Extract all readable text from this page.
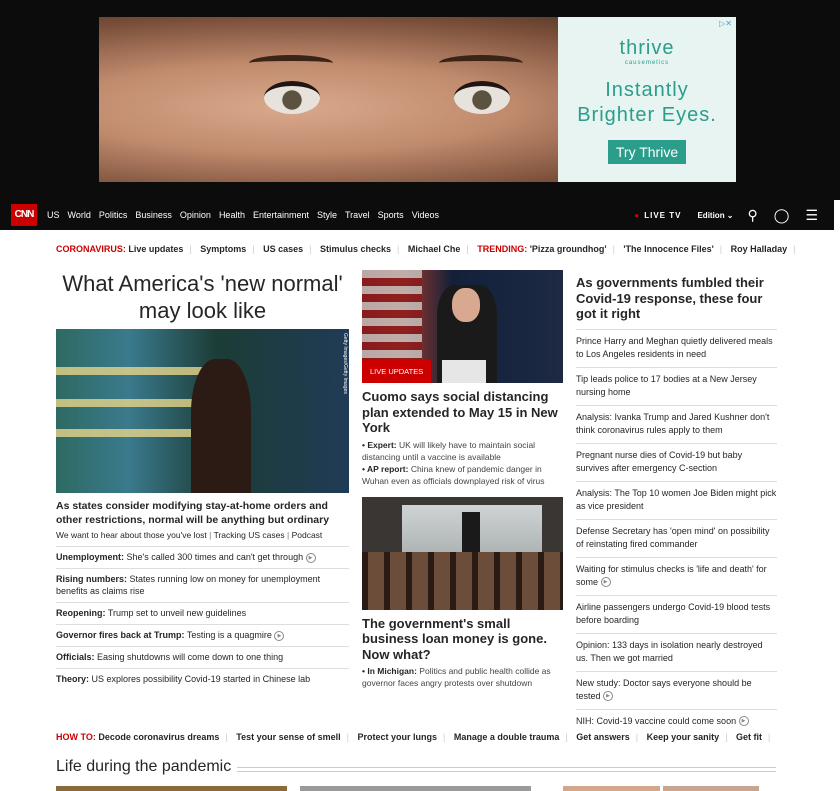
▷✕
thrive
causemetics
Instantly
Brighter Eyes.
Try Thrive
CNN	US World Politics Business Opinion Health Entertainment Style Travel Sports Videos	● LIVE TV Edition ⌄ ⚲ ◯ ☰
CORONAVIRUS: Live updates | Symptoms | US cases | Stimulus checks | Michael Che | TRENDING: 'Pizza groundhog' | 'The Innocence Files' | Roy Halladay |
What America's 'new normal' may look like
Getty Images/Getty Images
As states consider modifying stay-at-home orders and other restrictions, normal will be anything but ordinary
We want to hear about those you've lost | Tracking US cases | Podcast
Unemployment: She's called 300 times and can't get through ▶
Rising numbers: States running low on money for unemployment benefits as claims rise
Reopening: Trump set to unveil new guidelines
Governor fires back at Trump: Testing is a quagmire ▶
Officials: Easing shutdowns will come down to one thing
Theory: US explores possibility Covid-19 started in Chinese lab
LIVE UPDATES
Cuomo says social distancing plan extended to May 15 in New York
• Expert: UK will likely have to maintain social distancing until a vaccine is available
• AP report: China knew of pandemic danger in Wuhan even as officials downplayed risk of virus
The government's small business loan money is gone. Now what?
• In Michigan: Politics and public health collide as governor faces angry protests over shutdown
As governments fumbled their Covid-19 response, these four got it right
Prince Harry and Meghan quietly delivered meals to Los Angeles residents in need
Tip leads police to 17 bodies at a New Jersey nursing home
Analysis: Ivanka Trump and Jared Kushner don't think coronavirus rules apply to them
Pregnant nurse dies of Covid-19 but baby survives after emergency C-section
Analysis: The Top 10 women Joe Biden might pick as vice president
Defense Secretary has 'open mind' on possibility of reinstating fired commander
Waiting for stimulus checks is 'life and death' for some ▶
Airline passengers undergo Covid-19 blood tests before boarding
Opinion: 133 days in isolation nearly destroyed us. Then we got married
New study: Doctor says everyone should be tested ▶
NIH: Covid-19 vaccine could come soon ▶
HOW TO: Decode coronavirus dreams | Test your sense of smell | Protect your lungs | Manage a double trauma | Get answers | Keep your sanity | Get fit |
Life during the pandemic
